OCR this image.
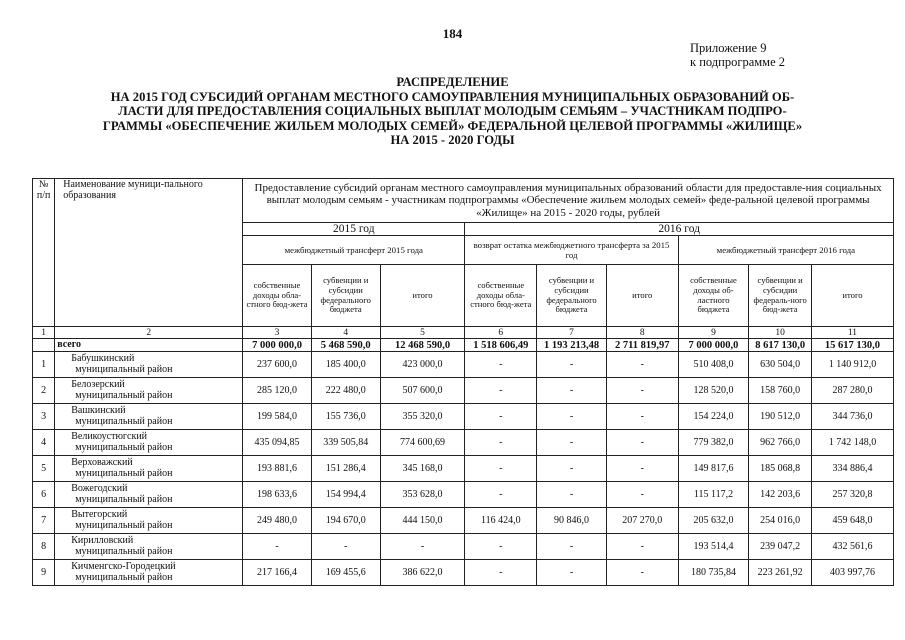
184
Приложение 9
к подпрограмме 2
РАСПРЕДЕЛЕНИЕ
НА 2015 ГОД СУБСИДИЙ ОРГАНАМ МЕСТНОГО САМОУПРАВЛЕНИЯ МУНИЦИПАЛЬНЫХ ОБРАЗОВАНИЙ ОБ-
ЛАСТИ ДЛЯ ПРЕДОСТАВЛЕНИЯ СОЦИАЛЬНЫХ ВЫПЛАТ МОЛОДЫМ СЕМЬЯМ – УЧАСТНИКАМ ПОДПРО-
ГРАММЫ «ОБЕСПЕЧЕНИЕ ЖИЛЬЕМ МОЛОДЫХ СЕМЕЙ» ФЕДЕРАЛЬНОЙ ЦЕЛЕВОЙ ПРОГРАММЫ «ЖИЛИЩЕ»
НА 2015 - 2020 ГОДЫ
№ п/п	Наименование муници-пального образования	Предоставление субсидий органам местного самоуправления муниципальных образований области для предоставле-ния социальных выплат молодым семьям - участникам подпрограммы «Обеспечение жильем молодых семей» феде-ральной целевой программы «Жилище» на 2015 - 2020 годы, рублей								
		2015 год			2016 год					
		межбюджетный трансферт 2015 года			возврат остатка межбюджетного трансферта за 2015 год			межбюджетный трансферт 2016 года		
		собственные доходы обла-стного бюд-жета	субвенции и субсидии федерального бюджета	итого	собственные доходы обла-стного бюд-жета	субвенции и субсидии федерального бюджета	итого	собственные доходы об-ластного бюджета	субвенции и субсидии федераль-ного бюд-жета	итого
1	2	3	4	5	6	7	8	9	10	11
	всего	7 000 000,0	5 468 590,0	12 468 590,0	1 518 606,49	1 193 213,48	2 711 819,97	7 000 000,0	8 617 130,0	15 617 130,0
1	Бабушкинский
муниципальный район	237 600,0	185 400,0	423 000,0	-	-	-	510 408,0	630 504,0	1 140 912,0
2	Белозерский
муниципальный район	285 120,0	222 480,0	507 600,0	-	-	-	128 520,0	158 760,0	287 280,0
3	Вашкинский
муниципальный район	199 584,0	155 736,0	355 320,0	-	-	-	154 224,0	190 512,0	344 736,0
4	Великоустюгский
муниципальный район	435 094,85	339 505,84	774 600,69	-	-	-	779 382,0	962 766,0	1 742 148,0
5	Верховажский
муниципальный район	193 881,6	151 286,4	345 168,0	-	-	-	149 817,6	185 068,8	334 886,4
6	Вожегодский
муниципальный район	198 633,6	154 994,4	353 628,0	-	-	-	115 117,2	142 203,6	257 320,8
7	Вытегорский
муниципальный район	249 480,0	194 670,0	444 150,0	116 424,0	90 846,0	207 270,0	205 632,0	254 016,0	459 648,0
8	Кирилловский
муниципальный район	-	-	-	-	-	-	193 514,4	239 047,2	432 561,6
9	Кичменгско-Городецкий
муниципальный район	217 166,4	169 455,6	386 622,0	-	-	-	180 735,84	223 261,92	403 997,76
